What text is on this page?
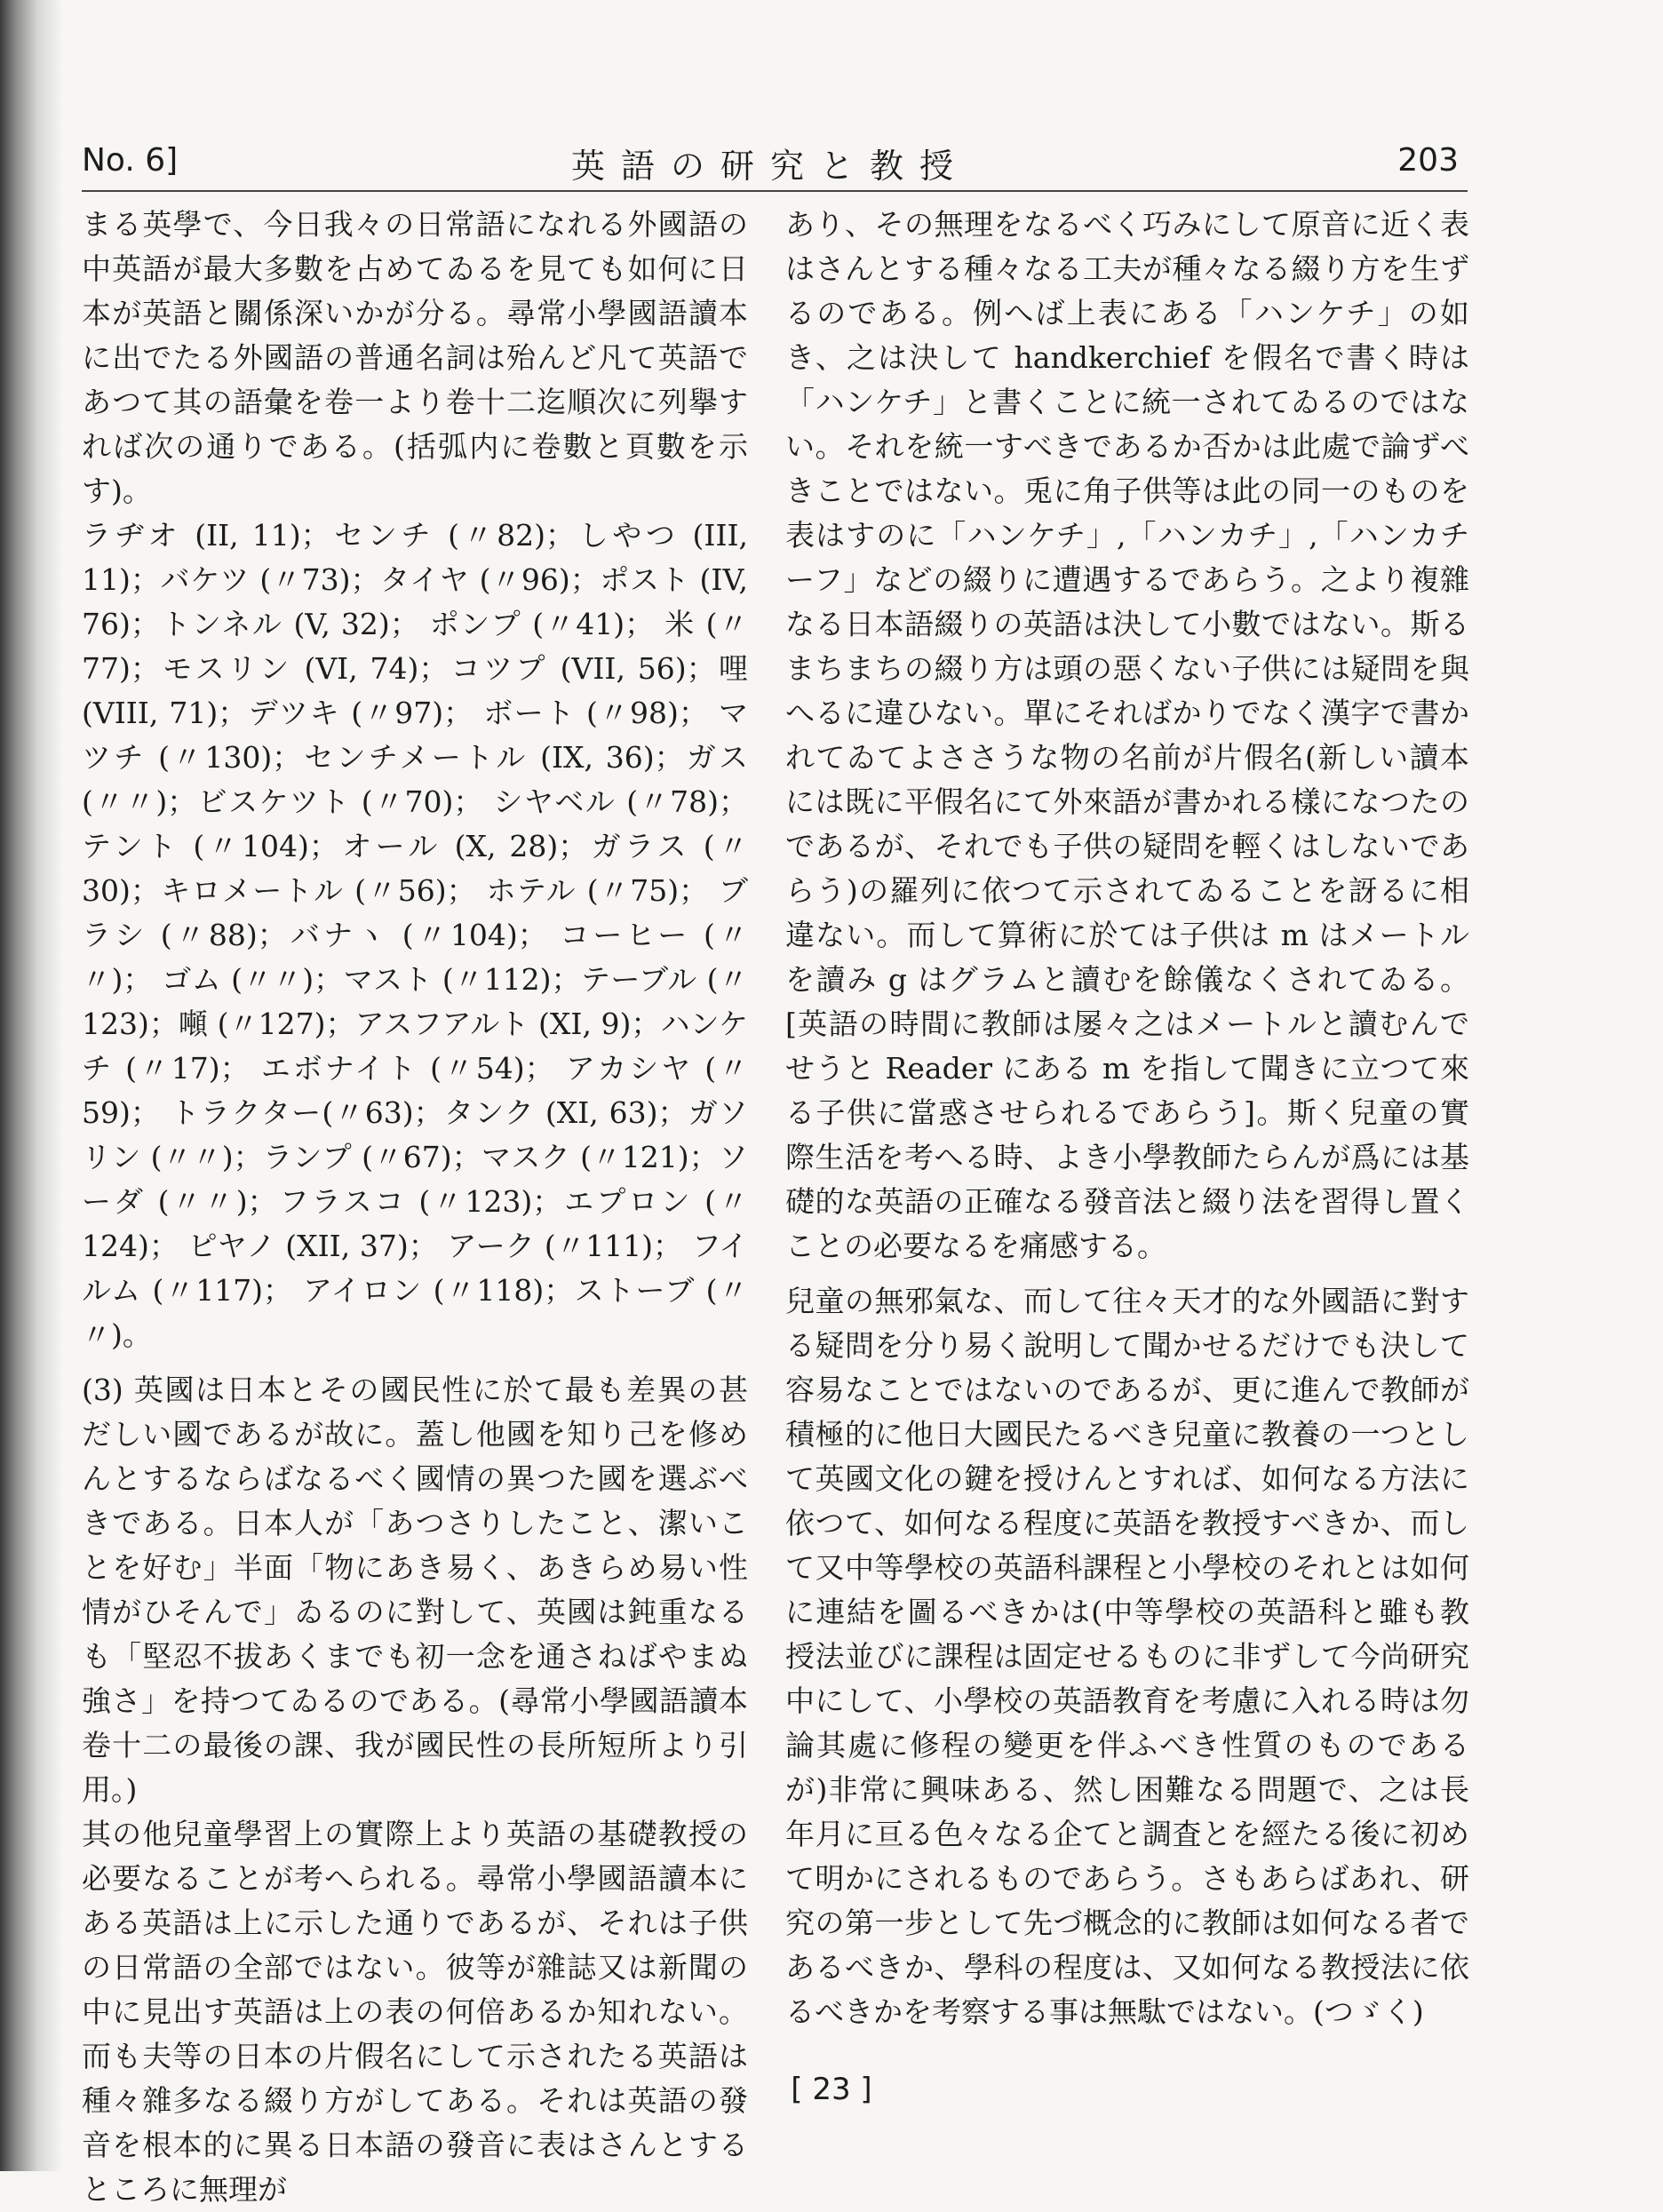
No. 6]	英語の研究と教授	203

まる英學で、今日我々の日常語になれる外國語の中英語が最大多數を占めてゐるを見ても如何に日本が英語と關係深いかが分る。尋常小學國語讀本に出でたる外國語の普通名詞は殆んど凡て英語であつて其の語彙を卷一より卷十二迄順次に列擧すれば次の通りである。(括弧内に卷數と頁數を示す)。

ラヂオ (II, 11)；センチ (〃82)；しやつ (III, 11)；バケツ (〃73)；タイヤ (〃96)；ポスト (IV, 76)；トンネル (V, 32)； ポンプ (〃41)； 米 (〃77)；モスリン (VI, 74)；コツプ (VII, 56)；哩 (VIII, 71)；デツキ (〃97)； ボート (〃98)； マツチ (〃130)；センチメートル (IX, 36)；ガス (〃〃)；ビスケツト (〃70)； シヤベル (〃78)； テント (〃104)；オール (X, 28)；ガラス (〃30)；キロメートル (〃56)； ホテル (〃75)； ブラシ (〃88)；バナヽ (〃104)； コーヒー (〃〃)； ゴム (〃〃)；マスト (〃112)；テーブル (〃123)；噸 (〃127)；アスフアルト (XI, 9)；ハンケチ (〃17)； エボナイト (〃54)； アカシヤ (〃59)； トラクター(〃63)；タンク (XI, 63)；ガソリン (〃〃)；ランプ (〃67)；マスク (〃121)；ソーダ (〃〃)；フラスコ (〃123)；エプロン (〃124)； ピヤノ (XII, 37)； アーク (〃111)； フイルム (〃117)； アイロン (〃118)；ストーブ (〃〃)。

(3) 英國は日本とその國民性に於て最も差異の甚だしい國であるが故に。蓋し他國を知り己を修めんとするならばなるべく國情の異つた國を選ぶべきである。日本人が「あつさりしたこと、潔いことを好む」半面「物にあき易く、あきらめ易い性情がひそんで」ゐるのに對して、英國は鈍重なるも「堅忍不拔あくまでも初一念を通さねばやまぬ強さ」を持つてゐるのである。(尋常小學國語讀本卷十二の最後の課、我が國民性の長所短所より引用。)

其の他兒童學習上の實際上より英語の基礎教授の必要なることが考へられる。尋常小學國語讀本にある英語は上に示した通りであるが、それは子供の日常語の全部ではない。彼等が雜誌又は新聞の中に見出す英語は上の表の何倍あるか知れない。而も夫等の日本の片假名にして示されたる英語は種々雜多なる綴り方がしてある。それは英語の發音を根本的に異る日本語の發音に表はさんとするところに無理が

あり、その無理をなるべく巧みにして原音に近く表はさんとする種々なる工夫が種々なる綴り方を生ずるのである。例へば上表にある「ハンケチ」の如き、之は決して handkerchief を假名で書く時は「ハンケチ」と書くことに統一されてゐるのではない。それを統一すべきであるか否かは此處で論ずべきことではない。兎に角子供等は此の同一のものを表はすのに「ハンケチ」,「ハンカチ」,「ハンカチーフ」などの綴りに遭遇するであらう。之より複雜なる日本語綴りの英語は決して小數ではない。斯るまちまちの綴り方は頭の惡くない子供には疑問を與へるに違ひない。單にそればかりでなく漢字で書かれてゐてよささうな物の名前が片假名(新しい讀本には既に平假名にて外來語が書かれる樣になつたのであるが、それでも子供の疑問を輕くはしないであらう)の羅列に依つて示されてゐることを訝るに相違ない。而して算術に於ては子供は m はメートルを讀み g はグラムと讀むを餘儀なくされてゐる。[英語の時間に教師は屡々之はメートルと讀むんでせうと Reader にある m を指して聞きに立つて來る子供に當惑させられるであらう]。斯く兒童の實際生活を考へる時、よき小學教師たらんが爲には基礎的な英語の正確なる發音法と綴り法を習得し置くことの必要なるを痛感する。

兒童の無邪氣な、而して往々天才的な外國語に對する疑問を分り易く說明して聞かせるだけでも決して容易なことではないのであるが、更に進んで教師が積極的に他日大國民たるべき兒童に教養の一つとして英國文化の鍵を授けんとすれば、如何なる方法に依つて、如何なる程度に英語を教授すべきか、而して又中等學校の英語科課程と小學校のそれとは如何に連結を圖るべきかは(中等學校の英語科と雖も教授法並びに課程は固定せるものに非ずして今尚研究中にして、小學校の英語教育を考慮に入れる時は勿論其處に修程の變更を伴ふべき性質のものであるが)非常に興味ある、然し困難なる問題で、之は長年月に亘る色々なる企てと調査とを經たる後に初めて明かにされるものであらう。さもあらばあれ、研究の第一步として先づ概念的に教師は如何なる者であるべきか、學科の程度は、又如何なる教授法に依るべきかを考察する事は無駄ではない。(つゞく)

[ 23 ]
